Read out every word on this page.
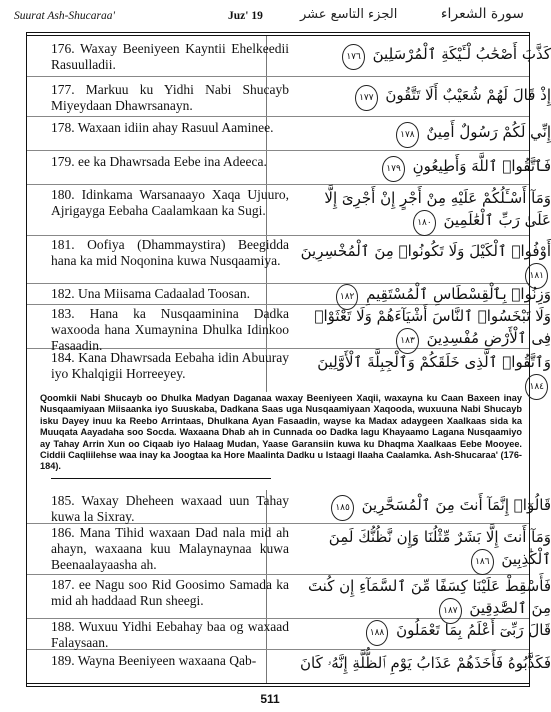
Suurat Ash-Shucaraa'	Juz' 19	الجزء التاسع عشر	سورة الشعراء
176. Waxay Beeniyeen Kayntii Ehelkeedii Rasuulladii.
كَذَّبَ أَصْحَٰبُ لْـَٔيْكَةِ ٱلْمُرْسَلِينَ ١٧٦
177. Markuu ku Yidhi Nabi Shucayb Miyeydaan Dhawrsanayn.
إِذْ قَالَ لَهُمْ شُعَيْبٌ أَلَا تَتَّقُونَ ١٧٧
178. Waxaan idiin ahay Rasuul Aaminee.	إِنِّي لَكُمْ رَسُولٌ أَمِينٌ ١٧٨
179. ee ka Dhawrsada Eebe ina Adeeca.	فَٱتَّقُوا۟ ٱللَّهَ وَأَطِيعُونِ ١٧٩
180. Idinkama Warsanaayo Xaqa Ujuuro, Ajrigayga Eebaha Caalamkaan ka Sugi.
وَمَآ أَسْـَٔلُكُمْ عَلَيْهِ مِنْ أَجْرٍ إِنْ أَجْرِىَ إِلَّا عَلَىٰ رَبِّ ٱلْعَٰلَمِينَ ١٨٠
181. Oofiya (Dhammaystira) Beegidda hana ka mid Noqonina kuwa Nusqaamiya.
أَوْفُوا۟ ٱلْكَيْلَ وَلَا تَكُونُوا۟ مِنَ ٱلْمُخْسِرِينَ ١٨١
182. Una Miisama Cadaalad Toosan.	وَزِنُوا۟ بِٱلْقِسْطَاسِ ٱلْمُسْتَقِيمِ ١٨٢
183. Hana ka Nusqaaminina Dadka waxooda hana Xumaynina Dhulka Idinkoo Fasaadin.
وَلَا تَبْخَسُوا۟ ٱلنَّاسَ أَشْيَآءَهُمْ وَلَا تَعْثَوْا۟ فِى ٱلْأَرْضِ مُفْسِدِينَ ١٨٣
184. Kana Dhawrsada Eebaha idin Abuuray iyo Khalqigii Horreeyey.
وَٱتَّقُوا۟ ٱلَّذِى خَلَقَكُمْ وَٱلْجِبِلَّةَ ٱلْأَوَّلِينَ ١٨٤
Qoomkii Nabi Shucayb oo Dhulka Madyan Daganaa waxay Beeniyeen Xaqii, waxayna ku Caan Baxeen inay Nusqaamiyaan Miisaanka iyo Suuskaba, Dadkana Saas uga Nusqaamiyaan Xaqooda, wuxuuna Nabi Shucayb isku Dayey inuu ka Reebo Arrintaas, Dhulkana Ayan Fasaadin, wayse ka Madax adaygeen Xaalkaas sida ka Muuqata Aayadaha soo Socda. Waxaana Dhab ah in Cunnada oo Dadka lagu Khayaamo Lagana Nusqaamiyo ay Tahay Arrin Xun oo Ciqaab iyo Halaag Mudan, Yaase Garansiin kuwa ku Dhaqma Xaalkaas Eebe Mooyee. Ciddii Caqliilehse waa inay ka Joogtaa ka Hore Maalinta Dadku u Istaagi Ilaaha Caalamka. Ash-Shucaraa' (176-184).
185. Waxay Dheheen waxaad uun Tahay kuwa la Sixray.
قَالُوٓا۟ إِنَّمَآ أَنتَ مِنَ ٱلْمُسَحَّرِينَ ١٨٥
186. Mana Tihid waxaan Dad nala mid ah ahayn, waxaana kuu Malaynaynaa kuwa Beenaalayaasha ah.
وَمَآ أَنتَ إِلَّا بَشَرٌ مِّثْلُنَا وَإِن نَّظُنُّكَ لَمِنَ ٱلْكَٰذِبِينَ ١٨٦
187. ee Nagu soo Rid Goosimo Samada ka mid ah haddaad Run sheegi.
فَأَسْقِطْ عَلَيْنَا كِسَفًا مِّنَ ٱلسَّمَآءِ إِن كُنتَ مِنَ ٱلصَّٰدِقِينَ ١٨٧
188. Wuxuu Yidhi Eebahay baa og waxaad Falaysaan.
قَالَ رَبِّىٓ أَعْلَمُ بِمَا تَعْمَلُونَ ١٨٨
189. Wayna Beeniyeen waxaana Qab-	فَكَذَّبُوهُ فَأَخَذَهُمْ عَذَابُ يَوْمِ ٱلظُّلَّةِ إِنَّهُۥ كَانَ
511
